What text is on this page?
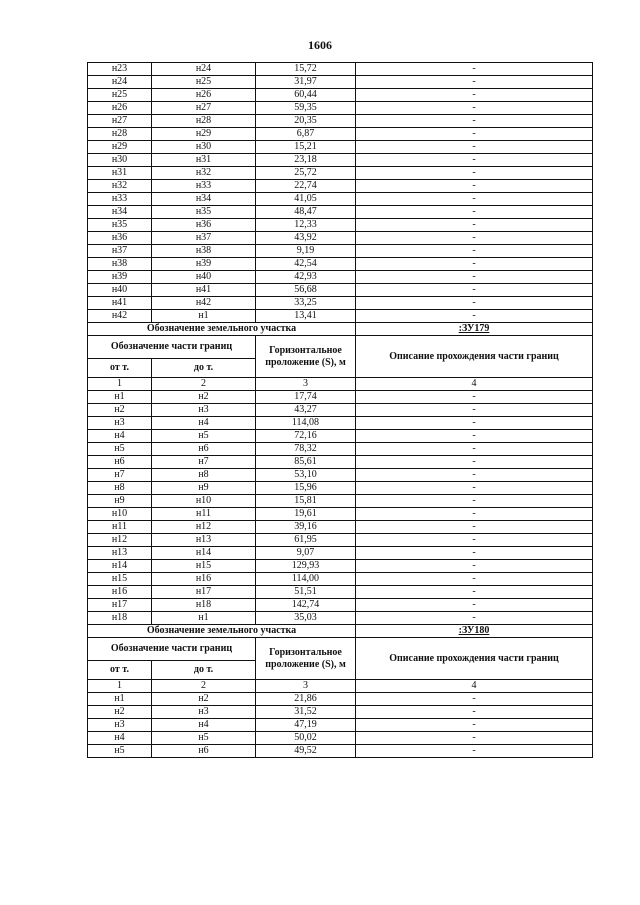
1606
н23	н24	15,72	-
н24	н25	31,97	-
н25	н26	60,44	-
н26	н27	59,35	-
н27	н28	20,35	-
н28	н29	6,87	-
н29	н30	15,21	-
н30	н31	23,18	-
н31	н32	25,72	-
н32	н33	22,74	-
н33	н34	41,05	-
н34	н35	48,47	-
н35	н36	12,33	-
н36	н37	43,92	-
н37	н38	9,19	-
н38	н39	42,54	-
н39	н40	42,93	-
н40	н41	56,68	-
н41	н42	33,25	-
н42	н1	13,41	-
Обозначение земельного участка			:ЗУ179
Обозначение части границ		Горизонтальное проложение (S), м	Описание прохождения части границ
от т.	до т.		
1	2	3	4
н1	н2	17,74	-
н2	н3	43,27	-
н3	н4	114,08	-
н4	н5	72,16	-
н5	н6	78,32	-
н6	н7	85,61	-
н7	н8	53,10	-
н8	н9	15,96	-
н9	н10	15,81	-
н10	н11	19,61	-
н11	н12	39,16	-
н12	н13	61,95	-
н13	н14	9,07	-
н14	н15	129,93	-
н15	н16	114,00	-
н16	н17	51,51	-
н17	н18	142,74	-
н18	н1	35,03	-
Обозначение земельного участка			:ЗУ180
Обозначение части границ		Горизонтальное проложение (S), м	Описание прохождения части границ
от т.	до т.		
1	2	3	4
н1	н2	21,86	-
н2	н3	31,52	-
н3	н4	47,19	-
н4	н5	50,02	-
н5	н6	49,52	-
